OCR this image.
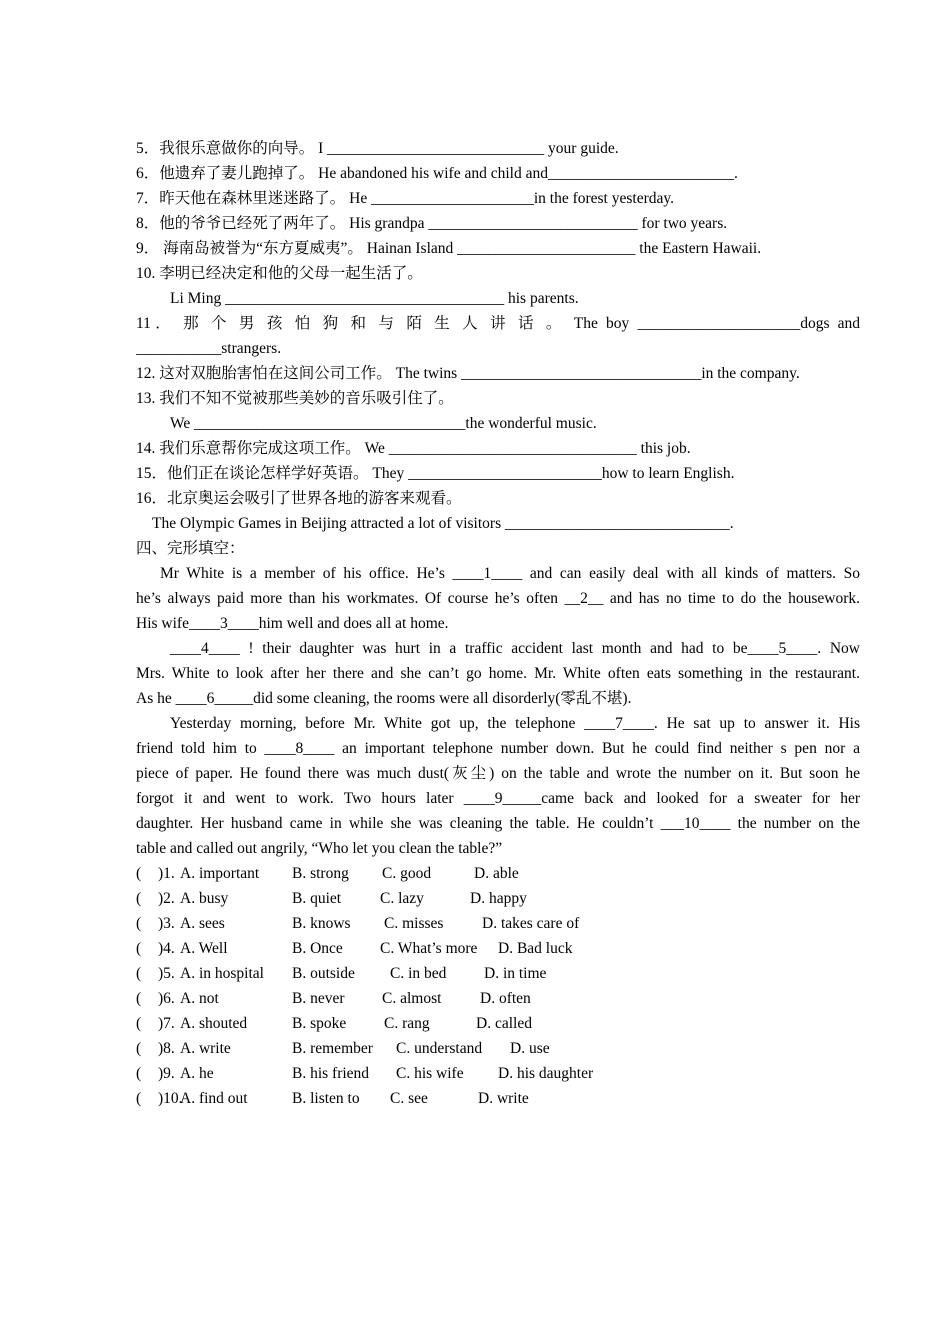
5．我很乐意做你的向导。 I ____________________________ your guide.
6．他遗弃了妻儿跑掉了。 He abandoned his wife and child and________________________.
7．昨天他在森林里迷迷路了。 He _____________________in the forest yesterday.
8．他的爷爷已经死了两年了。 His grandpa ___________________________ for two years.
9． 海南岛被誉为“东方夏威夷”。 Hainan Island _______________________ the Eastern Hawaii.
10. 李明已经决定和他的父母一起生活了。
Li Ming ____________________________________ his parents.
11． 那 个 男 孩 怕 狗 和 与 陌 生 人 讲 话 。 The boy _____________________dogs and
___________strangers.
12. 这对双胞胎害怕在这间公司工作。 The twins _______________________________in the company.
13. 我们不知不觉被那些美妙的音乐吸引住了。
We ___________________________________the wonderful music.
14. 我们乐意帮你完成这项工作。 We ________________________________ this job.
15．他们正在谈论怎样学好英语。 They _________________________how to learn English.
16．北京奥运会吸引了世界各地的游客来观看。
The Olympic Games in Beijing attracted a lot of visitors _____________________________.
四、完形填空：
Mr White is a member of his office. He’s ____1____ and can easily deal with all kinds of matters. So
he’s always paid more than his workmates. Of course he’s often __2__ and has no time to do the housework.
His wife____3____him well and does all at home.
____4____ ! their daughter was hurt in a traffic accident last month and had to be____5____. Now
Mrs. White to look after her there and she can’t go home. Mr. White often eats something in the restaurant.
As he ____6_____did some cleaning, the rooms were all disorderly(零乱不堪).
Yesterday morning, before Mr. White got up, the telephone ____7____. He sat up to answer it. His
friend told him to ____8____ an important telephone number down. But he could find neither s pen nor a
piece of paper. He found there was much dust(灰尘) on the table and wrote the number on it. But soon he
forgot it and went to work. Two hours later ____9_____came back and looked for a sweater for her
daughter. Her husband came in while she was cleaning the table. He couldn’t ___10____ the number on the
table and called out angrily, “Who let you clean the table?”
( )1. A. important B. strong C. good	D. able
( )2. A. busy	B. quiet	C. lazy	D. happy
( )3. A. sees	B. knows C. misses D. takes care of
( )4. A. Well	B. Once C. What’s more D. Bad luck
( )5. A. in hospital B. outside C. in bed D. in time
( )6. A. not	B. never C. almost D. often
( )7. A. shouted	B. spoke C. rang	D. called
( )8. A. write	B. remember C. understand D. use
( )9. A. he	B. his friend C. his wife D. his daughter
( )10.A. find out	B. listen to C. see	D. write
